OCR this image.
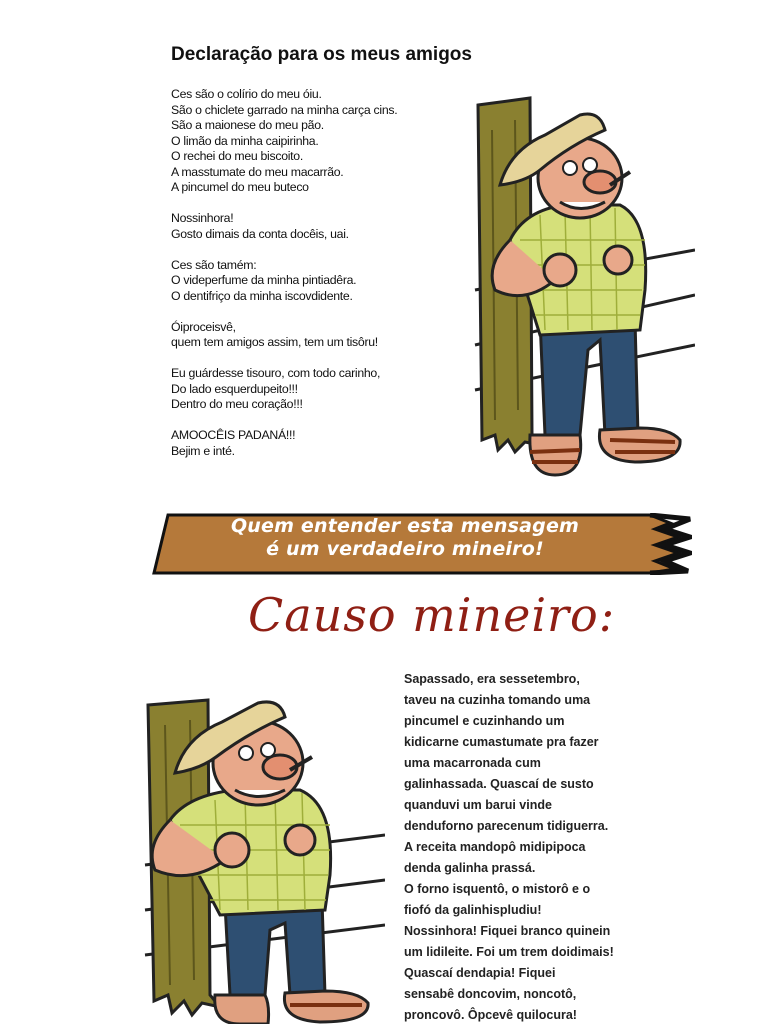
Declaração para os meus amigos
Ces são o colírio do meu óiu.
São o chiclete garrado na minha carça cins.
São a maionese do meu pão.
O limão da minha caipirinha.
O rechei do meu biscoito.
A masstumate do meu macarrão.
A pincumel do meu buteco
Nossinhora!
Gosto dimais da conta docêis, uai.
Ces são tamém:
O videperfume da minha pintiadêra.
O dentifriço da minha iscovdidente.
Óiproceisvê,
quem tem amigos assim, tem um tisôru!
Eu guárdesse tisouro, com todo carinho,
Do lado esquerdupeito!!!
Dentro do meu coração!!!
AMOOCÊIS PADANÁ!!!
Bejim e inté.
Quem entender esta mensagem
é um verdadeiro mineiro!
Causo mineiro:
Sapassado, era sessetembro,
taveu na cuzinha tomando uma
pincumel e cuzinhando um
kidicarne cumastumate pra fazer
uma macarronada cum
galinhassada. Quascaí de susto
quanduvi um barui vinde
denduforno parecenum tidiguerra.
A receita mandopô midipipoca
denda galinha prassá.
O forno isquentô, o mistorô e o
fiofó da galinhispludiu!
Nossinhora! Fiquei branco quinein
um lidileite. Foi um trem doidimais!
Quascaí dendapia! Fiquei
sensabê doncovim, noncotô,
proncovô. Ôpcevê quilocura!
